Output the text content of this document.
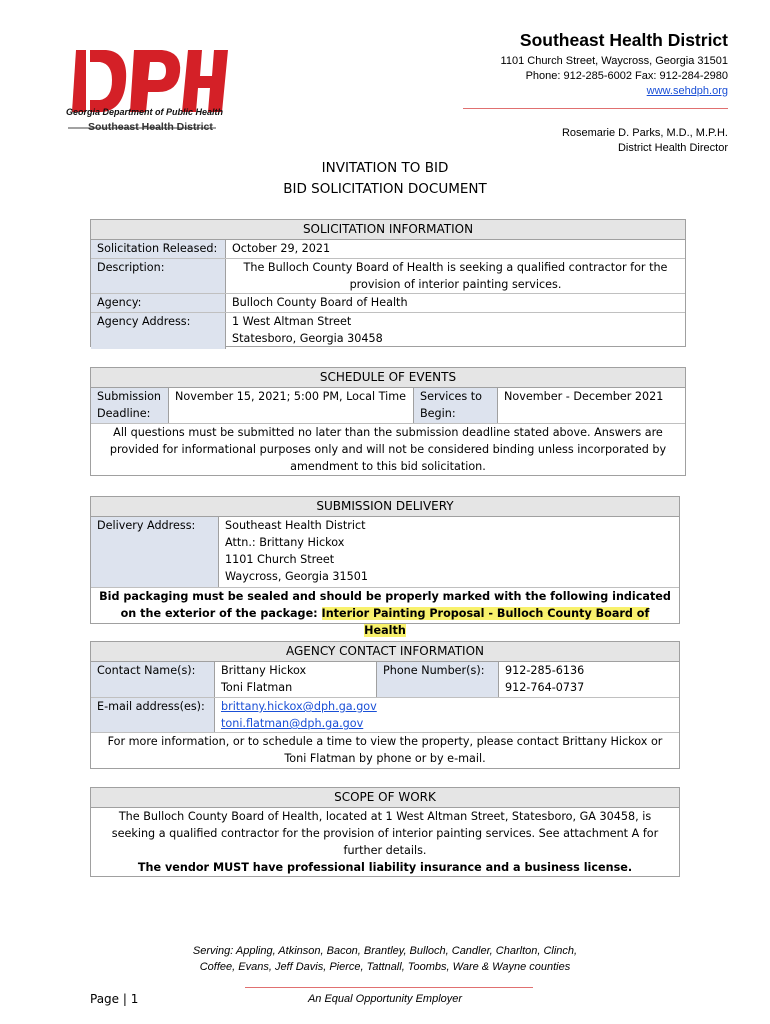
Georgia Department of Public Health
Southeast Health District
Southeast Health District
1101 Church Street, Waycross, Georgia 31501
Phone: 912-285-6002 Fax: 912-284-2980
www.sehdph.org
Rosemarie D. Parks, M.D., M.P.H.
District Health Director
INVITATION TO BID
BID SOLICITATION DOCUMENT
SOLICITATION INFORMATION
Solicitation Released:	October 29, 2021
Description:	The Bulloch County Board of Health is seeking a qualified contractor for the provision of interior painting services.
Agency:	Bulloch County Board of Health
Agency Address:	1 West Altman Street
Statesboro, Georgia 30458
SCHEDULE OF EVENTS
Submission Deadline:
November 15, 2021; 5:00 PM, Local Time	Services to Begin:
November - December 2021
All questions must be submitted no later than the submission deadline stated above. Answers are provided for informational purposes only and will not be considered binding unless incorporated by amendment to this bid solicitation.
SUBMISSION DELIVERY
Delivery Address:	Southeast Health District
Attn.: Brittany Hickox
1101 Church Street
Waycross, Georgia 31501
Bid packaging must be sealed and should be properly marked with the following indicated on the exterior of the package: Interior Painting Proposal - Bulloch County Board of Health
AGENCY CONTACT INFORMATION
Contact Name(s):	Brittany Hickox
Toni Flatman
Phone Number(s):	912-285-6136
912-764-0737
E-mail address(es):	brittany.hickox@dph.ga.gov
toni.flatman@dph.ga.gov
For more information, or to schedule a time to view the property, please contact Brittany Hickox or Toni Flatman by phone or by e-mail.
SCOPE OF WORK
The Bulloch County Board of Health, located at 1 West Altman Street, Statesboro, GA 30458, is seeking a qualified contractor for the provision of interior painting services. See attachment A for further details.
The vendor MUST have professional liability insurance and a business license.
Serving: Appling, Atkinson, Bacon, Brantley, Bulloch, Candler, Charlton, Clinch,
Coffee, Evans, Jeff Davis, Pierce, Tattnall, Toombs, Ware & Wayne counties
An Equal Opportunity Employer
Page | 1
